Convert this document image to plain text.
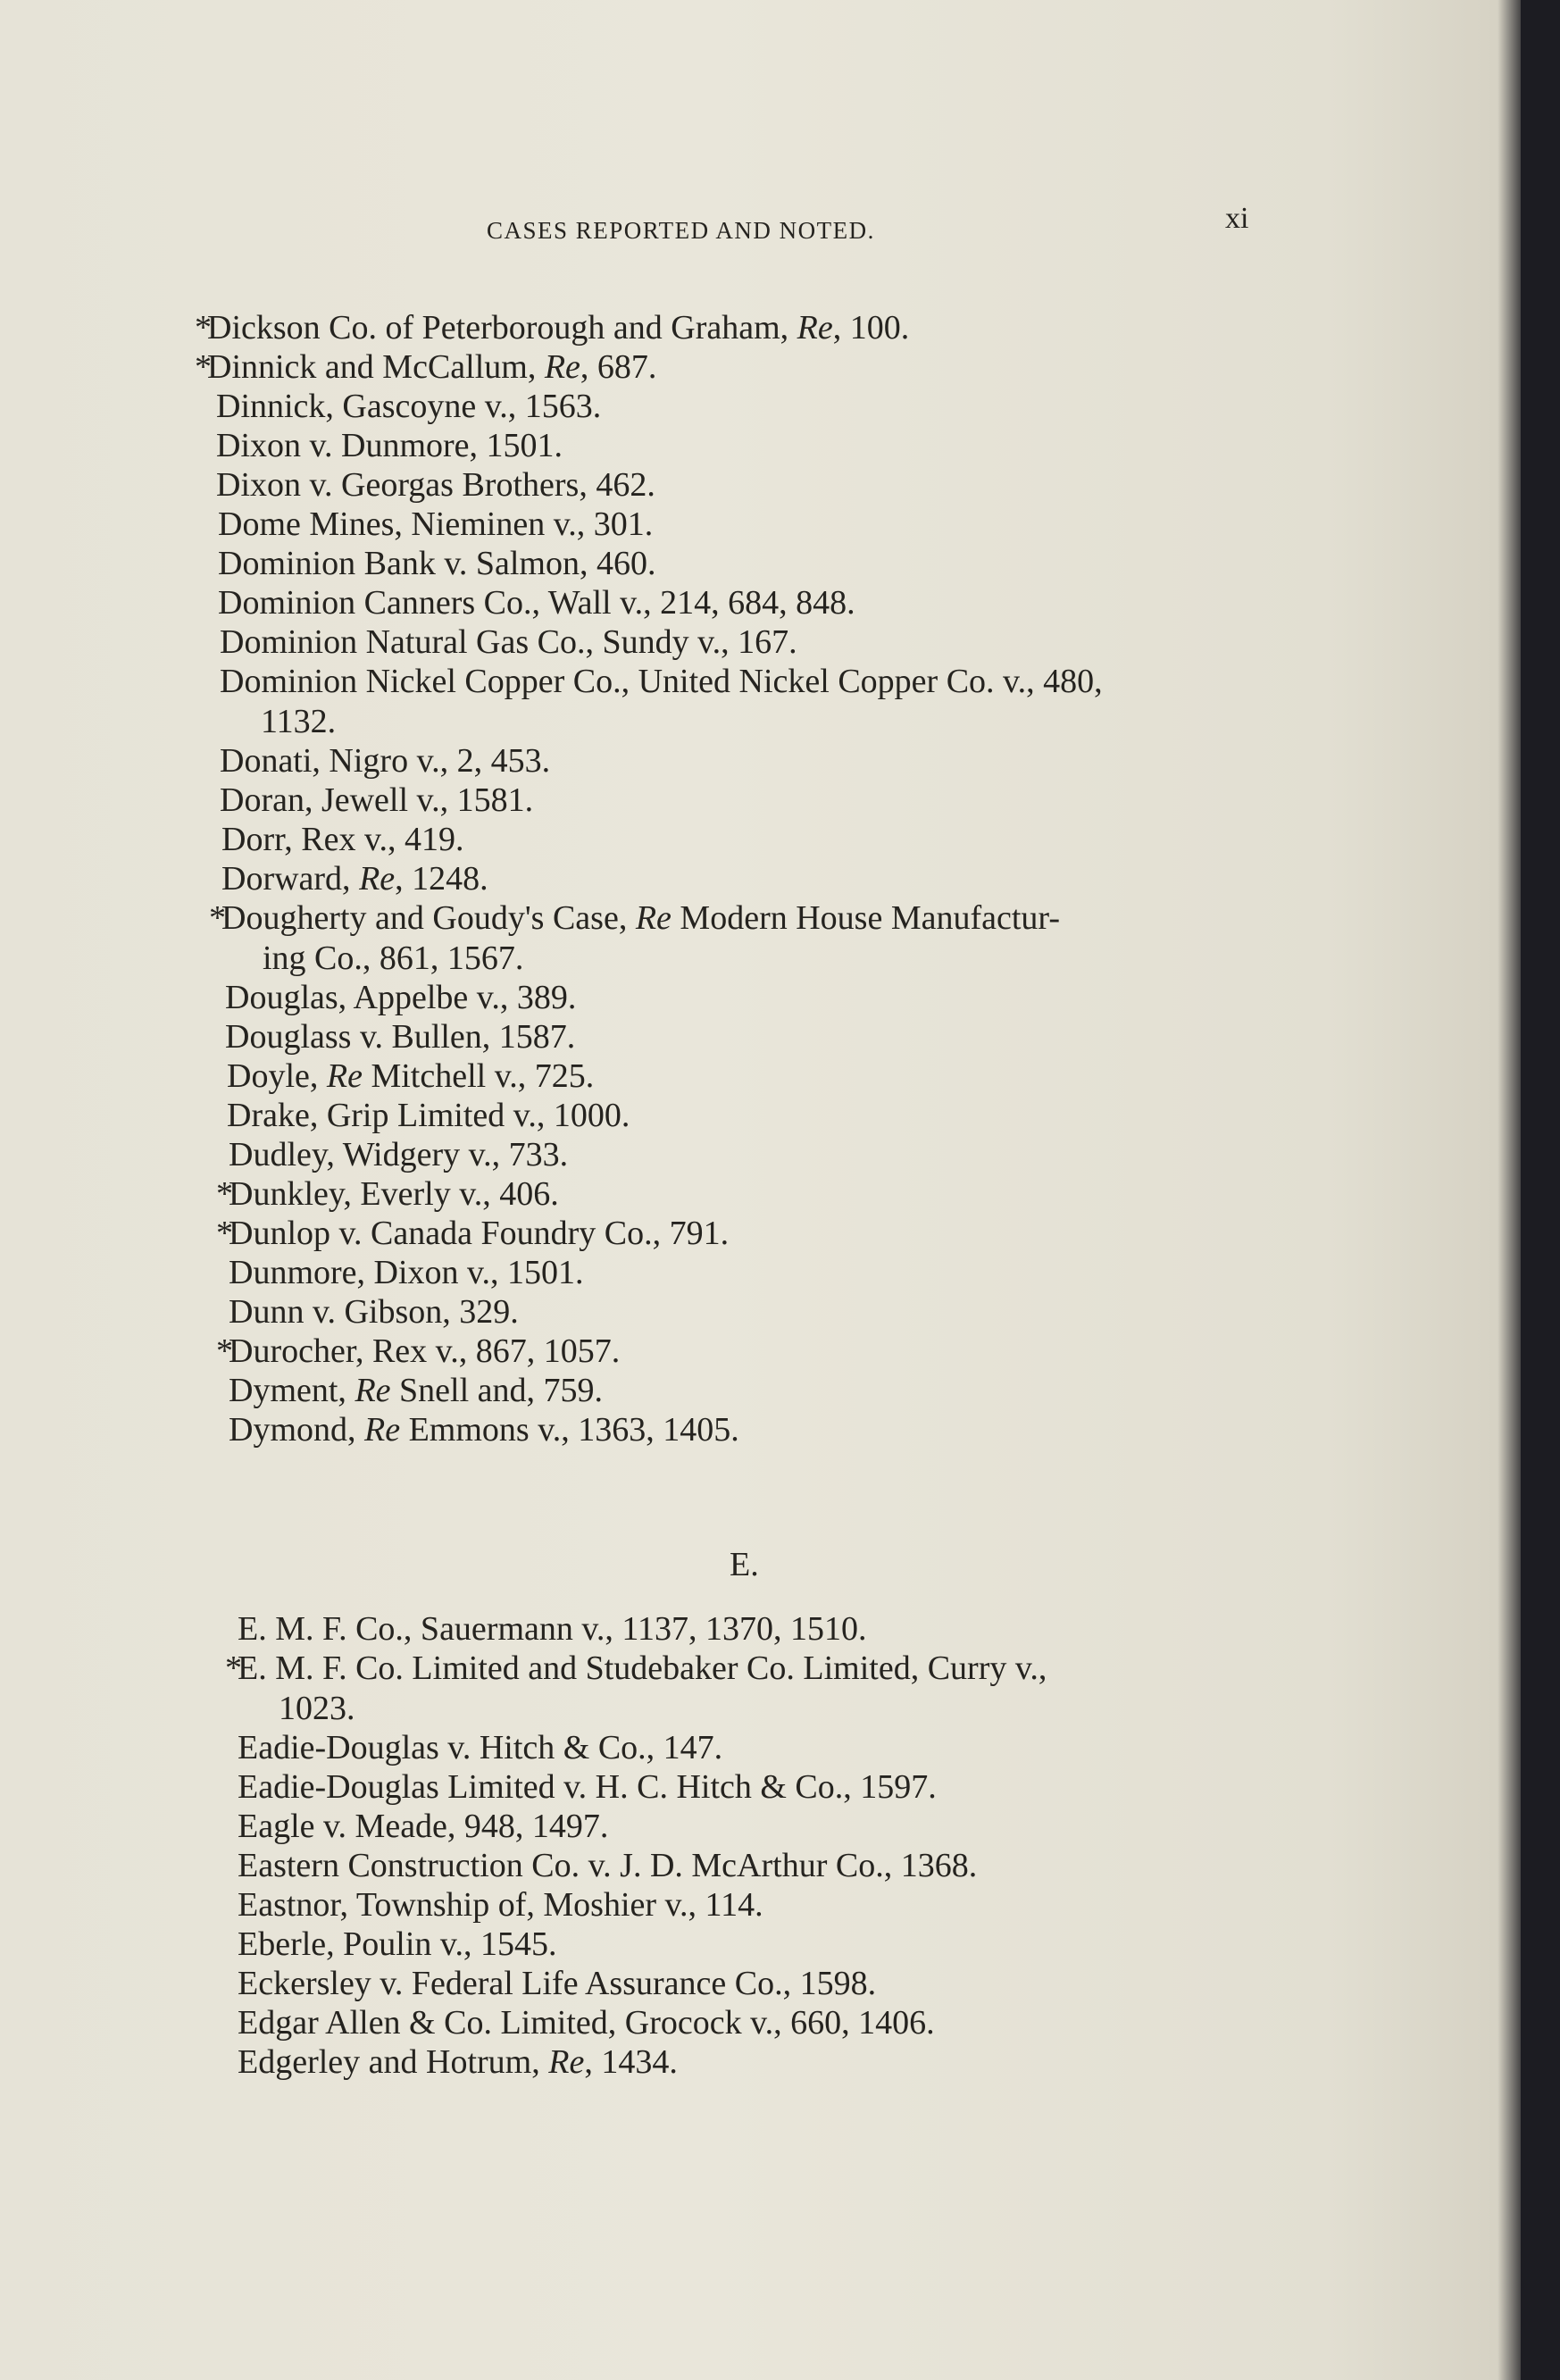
CASES REPORTED AND NOTED.	xi
*Dickson Co. of Peterborough and Graham, Re, 100.
*Dinnick and McCallum, Re, 687.
Dinnick, Gascoyne v., 1563.
Dixon v. Dunmore, 1501.
Dixon v. Georgas Brothers, 462.
Dome Mines, Nieminen v., 301.
Dominion Bank v. Salmon, 460.
Dominion Canners Co., Wall v., 214, 684, 848.
Dominion Natural Gas Co., Sundy v., 167.
Dominion Nickel Copper Co., United Nickel Copper Co. v., 480,
1132.
Donati, Nigro v., 2, 453.
Doran, Jewell v., 1581.
Dorr, Rex v., 419.
Dorward, Re, 1248.
*Dougherty and Goudy's Case, Re Modern House Manufactur-
ing Co., 861, 1567.
Douglas, Appelbe v., 389.
Douglass v. Bullen, 1587.
Doyle, Re Mitchell v., 725.
Drake, Grip Limited v., 1000.
Dudley, Widgery v., 733.
*Dunkley, Everly v., 406.
*Dunlop v. Canada Foundry Co., 791.
Dunmore, Dixon v., 1501.
Dunn v. Gibson, 329.
*Durocher, Rex v., 867, 1057.
Dyment, Re Snell and, 759.
Dymond, Re Emmons v., 1363, 1405.
E.
E. M. F. Co., Sauermann v., 1137, 1370, 1510.
*E. M. F. Co. Limited and Studebaker Co. Limited, Curry v.,
1023.
Eadie-Douglas v. Hitch & Co., 147.
Eadie-Douglas Limited v. H. C. Hitch & Co., 1597.
Eagle v. Meade, 948, 1497.
Eastern Construction Co. v. J. D. McArthur Co., 1368.
Eastnor, Township of, Moshier v., 114.
Eberle, Poulin v., 1545.
Eckersley v. Federal Life Assurance Co., 1598.
Edgar Allen & Co. Limited, Grocock v., 660, 1406.
Edgerley and Hotrum, Re, 1434.
